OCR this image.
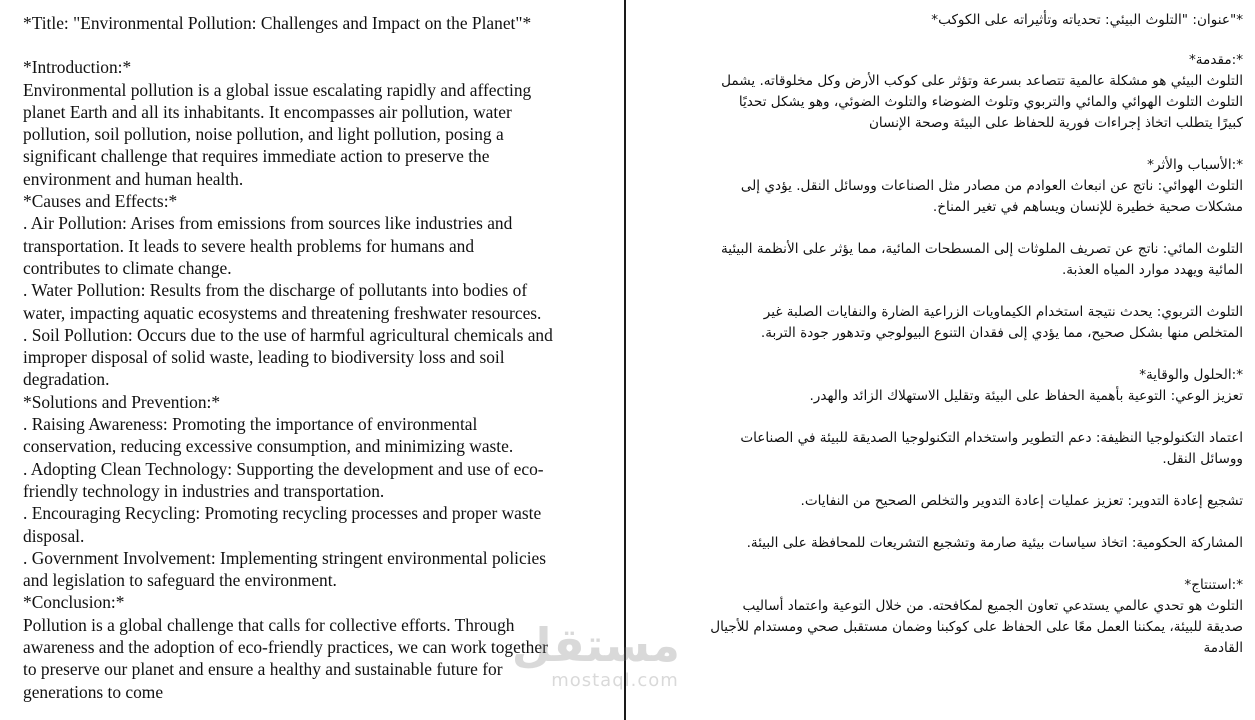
*Title: "Environmental Pollution: Challenges and Impact on the Planet"*
*Introduction:*
Environmental pollution is a global issue escalating rapidly and affecting
planet Earth and all its inhabitants. It encompasses air pollution, water
pollution, soil pollution, noise pollution, and light pollution, posing a
significant challenge that requires immediate action to preserve the
environment and human health.
*Causes and Effects:*
. Air Pollution: Arises from emissions from sources like industries and
transportation. It leads to severe health problems for humans and
contributes to climate change.
. Water Pollution: Results from the discharge of pollutants into bodies of
water, impacting aquatic ecosystems and threatening freshwater resources.
. Soil Pollution: Occurs due to the use of harmful agricultural chemicals and
improper disposal of solid waste, leading to biodiversity loss and soil
degradation.
*Solutions and Prevention:*
. Raising Awareness: Promoting the importance of environmental
conservation, reducing excessive consumption, and minimizing waste.
. Adopting Clean Technology: Supporting the development and use of eco-
friendly technology in industries and transportation.
. Encouraging Recycling: Promoting recycling processes and proper waste
disposal.
. Government Involvement: Implementing stringent environmental policies
and legislation to safeguard the environment.
*Conclusion:*
Pollution is a global challenge that calls for collective efforts. Through
awareness and the adoption of eco-friendly practices, we can work together
to preserve our planet and ensure a healthy and sustainable future for
generations to come
*"عنوان: "التلوث البيئي: تحدياته وتأثيراته على الكوكب*
*:مقدمة*
التلوث البيئي هو مشكلة عالمية تتصاعد بسرعة وتؤثر على كوكب الأرض وكل مخلوقاته. يشمل
التلوث التلوث الهوائي والمائي والتربوي وتلوث الضوضاء والتلوث الضوئي، وهو يشكل تحديًا
كبيرًا يتطلب اتخاذ إجراءات فورية للحفاظ على البيئة وصحة الإنسان
*:الأسباب والأثر*
التلوث الهوائي: ناتج عن انبعاث العوادم من مصادر مثل الصناعات ووسائل النقل. يؤدي إلى
مشكلات صحية خطيرة للإنسان ويساهم في تغير المناخ.
التلوث المائي: ناتج عن تصريف الملوثات إلى المسطحات المائية، مما يؤثر على الأنظمة البيئية
المائية ويهدد موارد المياه العذبة.
التلوث التربوي: يحدث نتيجة استخدام الكيماويات الزراعية الضارة والنفايات الصلبة غير
المتخلص منها بشكل صحيح، مما يؤدي إلى فقدان التنوع البيولوجي وتدهور جودة التربة.
*:الحلول والوقاية*
تعزيز الوعي: التوعية بأهمية الحفاظ على البيئة وتقليل الاستهلاك الزائد والهدر.
اعتماد التكنولوجيا النظيفة: دعم التطوير واستخدام التكنولوجيا الصديقة للبيئة في الصناعات
ووسائل النقل.
تشجيع إعادة التدوير: تعزيز عمليات إعادة التدوير والتخلص الصحيح من النفايات.
المشاركة الحكومية: اتخاذ سياسات بيئية صارمة وتشجيع التشريعات للمحافظة على البيئة.
*:استنتاج*
التلوث هو تحدي عالمي يستدعي تعاون الجميع لمكافحته. من خلال التوعية واعتماد أساليب
صديقة للبيئة، يمكننا العمل معًا على الحفاظ على كوكبنا وضمان مستقبل صحي ومستدام للأجيال
القادمة
مستقل
mostaql.com
